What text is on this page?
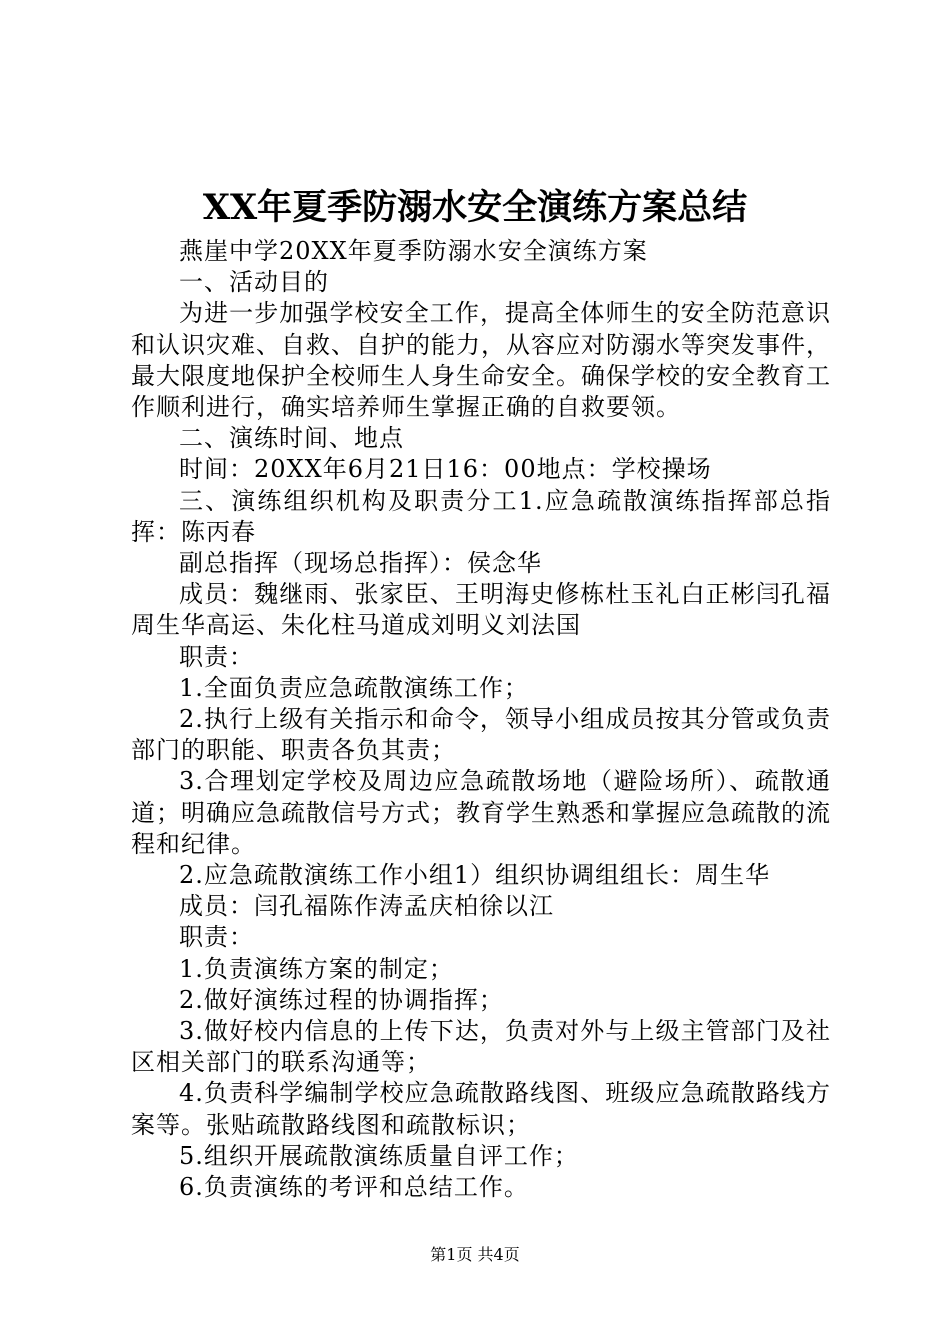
XX年夏季防溺水安全演练方案总结

燕崖中学20XX年夏季防溺水安全演练方案

一、活动目的

为进一步加强学校安全工作，提高全体师生的安全防范意识和认识灾难、自救、自护的能力，从容应对防溺水等突发事件，最大限度地保护全校师生人身生命安全。确保学校的安全教育工作顺利进行，确实培养师生掌握正确的自救要领。

二、演练时间、地点

时间：20XX年6月21日16：00地点：学校操场

三、演练组织机构及职责分工1.应急疏散演练指挥部总指挥：陈丙春

副总指挥（现场总指挥）：侯念华

成员：魏继雨、张家臣、王明海史修栋杜玉礼白正彬闫孔福周生华高运、朱化柱马道成刘明义刘法国

职责：

1.全面负责应急疏散演练工作；

2.执行上级有关指示和命令，领导小组成员按其分管或负责部门的职能、职责各负其责；

3.合理划定学校及周边应急疏散场地（避险场所）、疏散通道；明确应急疏散信号方式；教育学生熟悉和掌握应急疏散的流程和纪律。

2.应急疏散演练工作小组1）组织协调组组长：周生华

成员：闫孔福陈作涛孟庆柏徐以江

职责：

1.负责演练方案的制定；

2.做好演练过程的协调指挥；

3.做好校内信息的上传下达，负责对外与上级主管部门及社区相关部门的联系沟通等；

4.负责科学编制学校应急疏散路线图、班级应急疏散路线方案等。张贴疏散路线图和疏散标识；

5.组织开展疏散演练质量自评工作；

6.负责演练的考评和总结工作。

第1页 共4页
